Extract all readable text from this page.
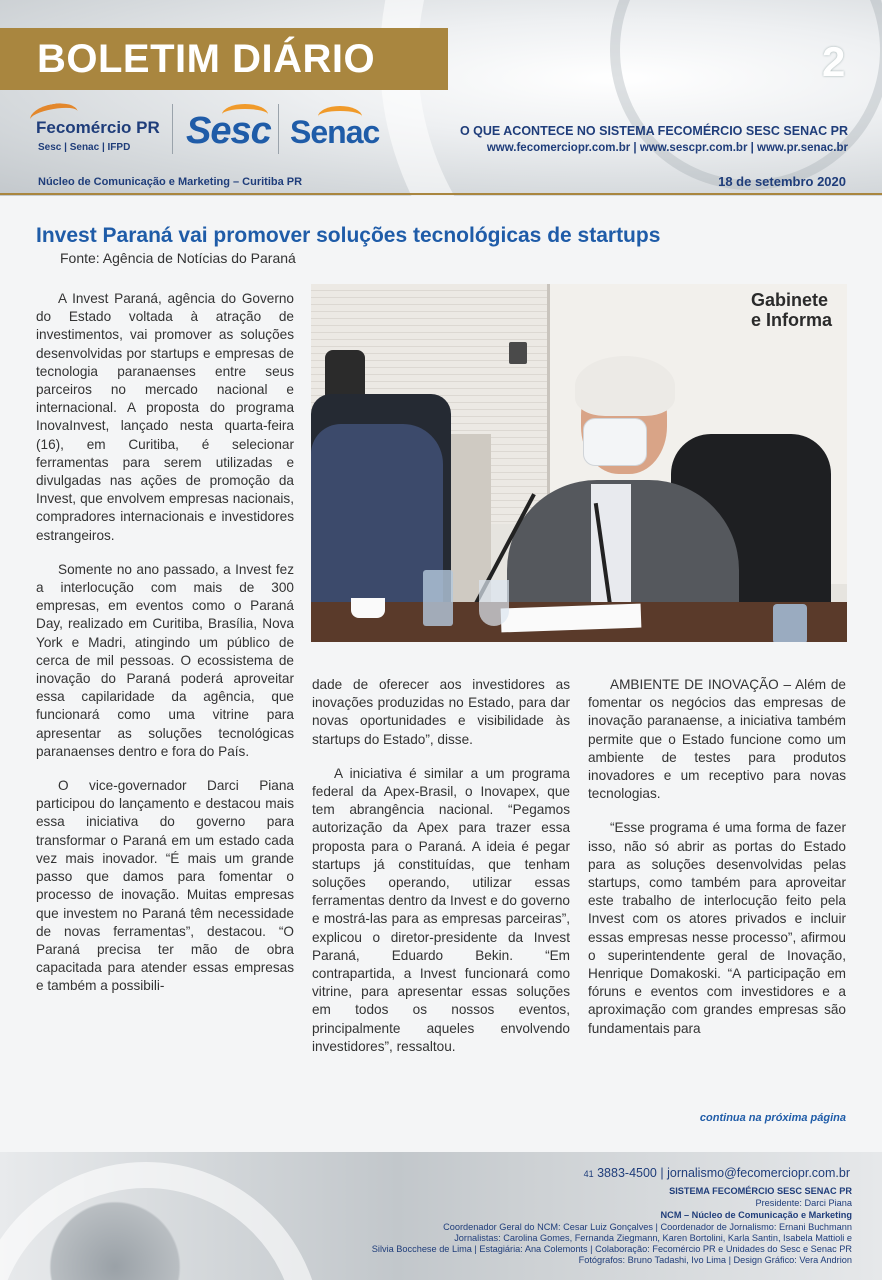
BOLETIM DIÁRIO	2
Fecomércio PR
Sesc | Senac | IFPD Sesc Senac	O QUE ACONTECE NO SISTEMA FECOMÉRCIO SESC SENAC PR
www.fecomerciopr.com.br | www.sescpr.com.br | www.pr.senac.br
Núcleo de Comunicação e Marketing – Curitiba PR	18 de setembro 2020
Invest Paraná vai promover soluções tecnológicas de startups
Fonte: Agência de Notícias do Paraná

A Invest Paraná, agência do Governo do Estado voltada à atração de investimentos, vai promover as soluções desenvolvidas por startups e empresas de tecnologia paranaenses entre seus parceiros no mercado nacional e internacional. A proposta do programa InovaInvest, lançado nesta quarta-feira (16), em Curitiba, é selecionar ferramentas para serem utilizadas e divulgadas nas ações de promoção da Invest, que envolvem empresas nacionais, compradores internacionais e investidores estrangeiros.

Somente no ano passado, a Invest fez a interlocução com mais de 300 empresas, em eventos como o Paraná Day, realizado em Curitiba, Brasília, Nova York e Madri, atingindo um público de cerca de mil pessoas. O ecossistema de inovação do Paraná poderá aproveitar essa capilaridade da agência, que funcionará como uma vitrine para apresentar as soluções tecnológicas paranaenses dentro e fora do País.

O vice-governador Darci Piana participou do lançamento e destacou mais essa iniciativa do governo para transformar o Paraná em um estado cada vez mais inovador. “É mais um grande passo que damos para fomentar o processo de inovação. Muitas empresas que investem no Paraná têm necessidade de novas ferramentas”, destacou. “O Paraná precisa ter mão de obra capacitada para atender essas empresas e também a possibili-

Gabinete
e Informa

dade de oferecer aos investidores as inovações produzidas no Estado, para dar novas oportunidades e visibilidade às startups do Estado”, disse.

A iniciativa é similar a um programa federal da Apex-Brasil, o Inovapex, que tem abrangência nacional. “Pegamos autorização da Apex para trazer essa proposta para o Paraná. A ideia é pegar startups já constituídas, que tenham soluções operando, utilizar essas ferramentas dentro da Invest e do governo e mostrá-las para as empresas parceiras”, explicou o diretor-presidente da Invest Paraná, Eduardo Bekin. “Em contrapartida, a Invest funcionará como vitrine, para apresentar essas soluções em todos os nossos eventos, principalmente aqueles envolvendo investidores”, ressaltou.

AMBIENTE DE INOVAÇÃO – Além de fomentar os negócios das empresas de inovação paranaense, a iniciativa também permite que o Estado funcione como um ambiente de testes para produtos inovadores e um receptivo para novas tecnologias.

“Esse programa é uma forma de fazer isso, não só abrir as portas do Estado para as soluções desenvolvidas pelas startups, como também para aproveitar este trabalho de interlocução feito pela Invest com os atores privados e incluir essas empresas nesse processo”, afirmou o superintendente geral de Inovação, Henrique Domakoski. “A participação em fóruns e eventos com investidores e a aproximação com grandes empresas são fundamentais para

continua na próxima página
41 3883-4500 | jornalismo@fecomerciopr.com.br
SISTEMA FECOMÉRCIO SESC SENAC PR
Presidente: Darci Piana
NCM – Núcleo de Comunicação e Marketing
Coordenador Geral do NCM: Cesar Luiz Gonçalves | Coordenador de Jornalismo: Ernani Buchmann
Jornalistas: Carolina Gomes, Fernanda Ziegmann, Karen Bortolini, Karla Santin, Isabela Mattioli e
Silvia Bocchese de Lima | Estagiária: Ana Colemonts | Colaboração: Fecomércio PR e Unidades do Sesc e Senac PR
Fotógrafos: Bruno Tadashi, Ivo Lima | Design Gráfico: Vera Andrion
